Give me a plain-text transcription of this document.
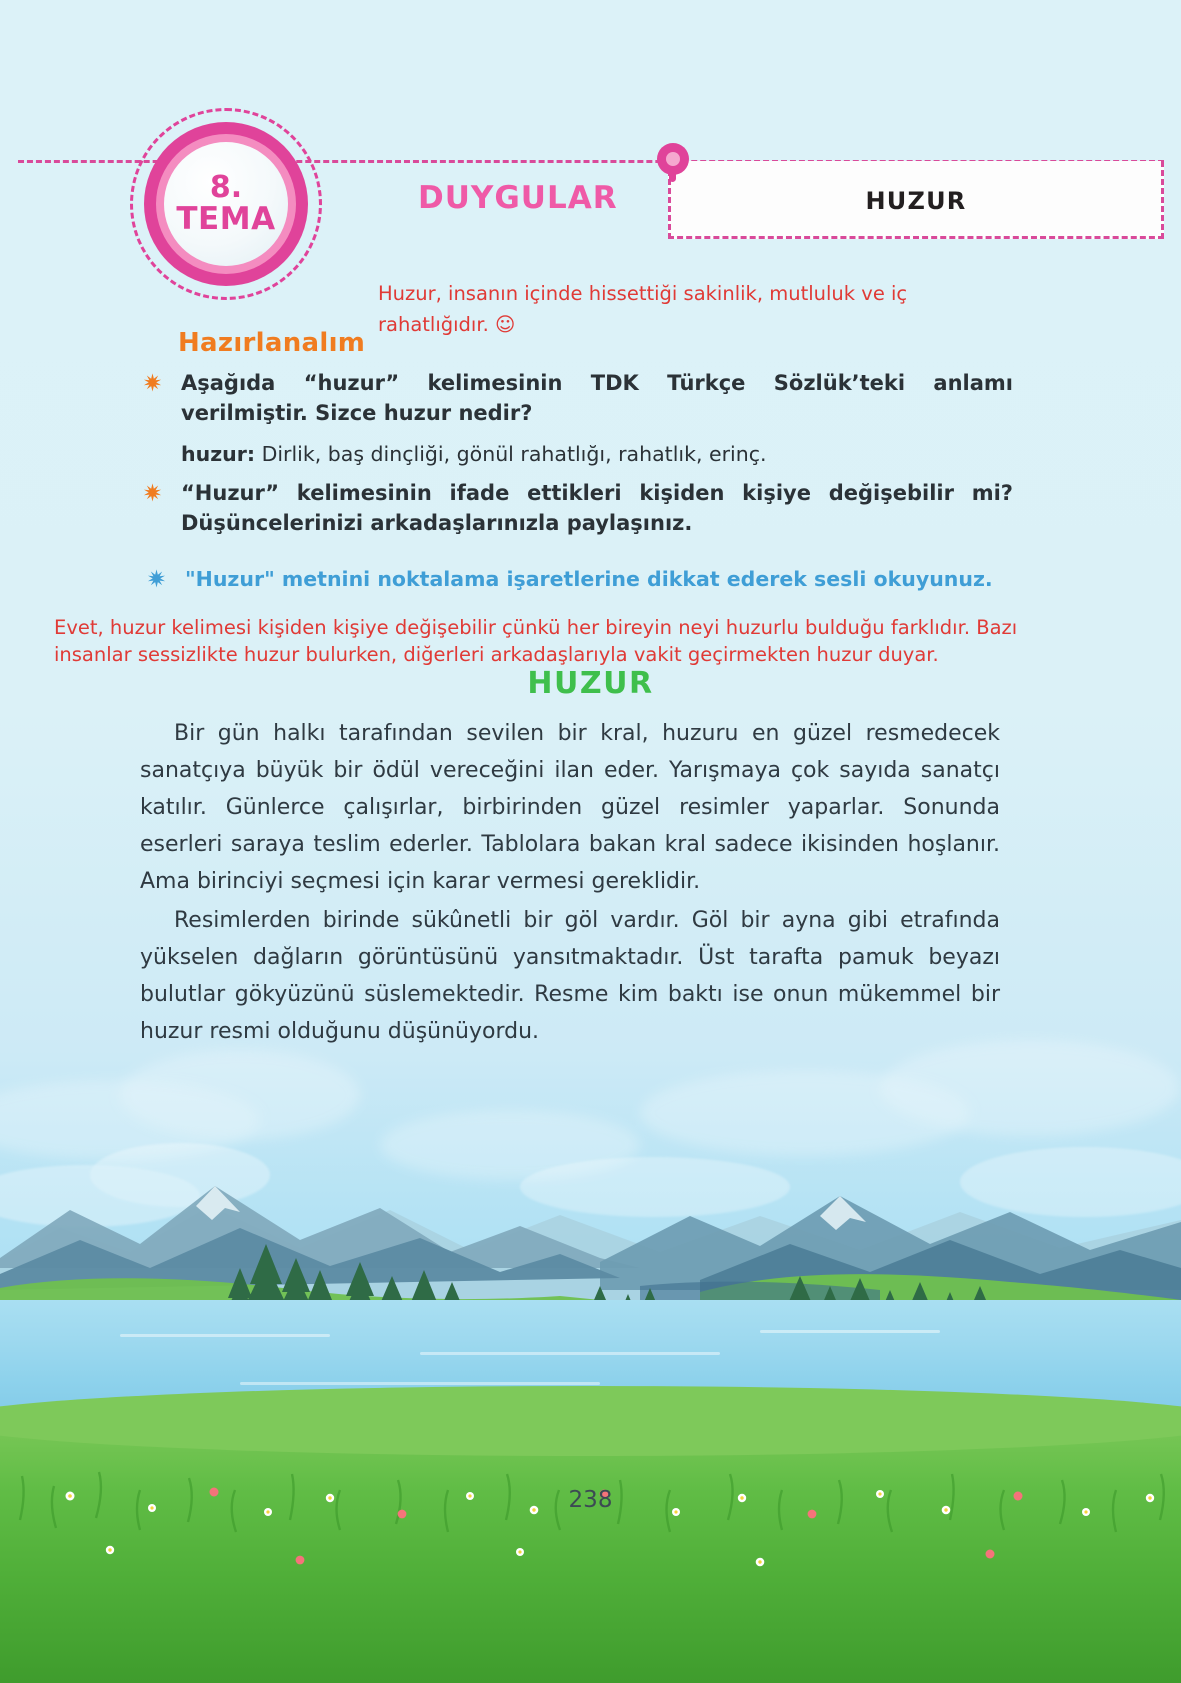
HUZUR
8.
TEMA
DUYGULAR
Huzur, insanın içinde hissettiği sakinlik, mutluluk ve iç rahatlığıdır. ☺
Hazırlanalım
Aşağıda “huzur” kelimesinin TDK Türkçe Sözlük’teki anlamı verilmiştir. Sizce huzur nedir?
huzur: Dirlik, baş dinçliği, gönül rahatlığı, rahatlık, erinç.
“Huzur” kelimesinin ifade ettikleri kişiden kişiye değişebilir mi? Düşüncelerinizi arkadaşlarınızla paylaşınız.
"Huzur" metnini noktalama işaretlerine dikkat ederek sesli okuyunuz.
Evet, huzur kelimesi kişiden kişiye değişebilir çünkü her bireyin neyi huzurlu bulduğu farklıdır. Bazı insanlar sessizlikte huzur bulurken, diğerleri arkadaşlarıyla vakit geçirmekten huzur duyar.
HUZUR

Bir gün halkı tarafından sevilen bir kral, huzuru en güzel resmedecek sanatçıya büyük bir ödül vereceğini ilan eder. Yarışmaya çok sayıda sanatçı katılır. Günlerce çalışırlar, birbirinden güzel resimler yaparlar. Sonunda eserleri saraya teslim ederler. Tablolara bakan kral sadece ikisinden hoşlanır. Ama birinciyi seçmesi için karar vermesi gereklidir.

Resimlerden birinde sükûnetli bir göl vardır. Göl bir ayna gibi etrafında yükselen dağların görüntüsünü yansıtmaktadır. Üst tarafta pamuk beyazı bulutlar gökyüzünü süslemektedir. Resme kim baktı ise onun mükemmel bir huzur resmi olduğunu düşünüyordu.

238
